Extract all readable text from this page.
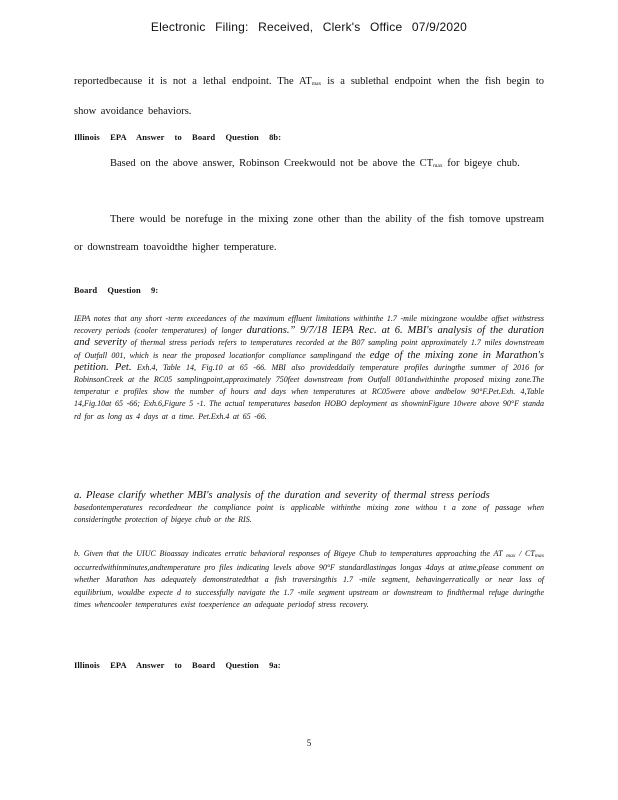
Electronic Filing: Received, Clerk's Office 07/9/2020

reportedbecause it is not a lethal endpoint. The ATmax is a sublethal endpoint when the fish begin to show avoidance behaviors.

Illinois EPA Answer to Board Question 8b:

Based on the above answer, Robinson Creekwould not be above the CTmax for bigeye chub.

There would be norefuge in the mixing zone other than the ability of the fish tomove upstream or downstream toavoidthe higher temperature.

Board Question 9:

IEPA notes that any short -term exceedances of the maximum effluent limitations withinthe 1.7 -mile mixingzone wouldbe offset withstress recovery periods (cooler temperatures) of longer durations.” 9/7/18 IEPA Rec. at 6. MBI's analysis of the duration and severity of thermal stress periods refers to temperatures recorded at the B07 sampling point approximately 1.7 miles downstream of Outfall 001, which is near the proposed locationfor compliance samplingand the edge of the mixing zone in Marathon's petition. Pet. Exh.4, Table 14, Fig.10 at 65 -66. MBI also provideddaily temperature profiles duringthe summer of 2016 for RobinsonCreek at the RC05 samplingpoint,approximately 750feet downstream from Outfall 001andwithinthe proposed mixing zone.The temperatur e profiles show the number of hours and days when temperatures at RC05were above andbelow 90°F.Pet.Exh. 4,Table 14,Fig.10at 65 -66; Exh.6,Figure 5 -1. The actual temperatures basedon HOBO deployment as showninFigure 10were above 90°F standa rd for as long as 4 days at a time. Pet.Exh.4 at 65 -66.
a. Please clarify whether MBI's analysis of the duration and severity of thermal stress periods
basedontemperatures recordednear the compliance point is applicable withinthe mixing zone withou t a zone of passage when consideringthe protection of bigeye chub or the RIS.
b. Given that the UIUC Bioassay indicates erratic behavioral responses of Bigeye Chub to temperatures approaching the AT max / CTmax occurredwithinminutes,andtemperature pro files indicating levels above 90°F standardlastingas longas 4days at atime,please comment on whether Marathon has adequately demonstratedthat a fish traversingthis 1.7 -mile segment, behavingerratically or near loss of equilibrium, wouldbe expecte d to successfully navigate the 1.7 -mile segment upstream or downstream to findthermal refuge duringthe times whencooler temperatures exist toexperience an adequate periodof stress recovery.

Illinois EPA Answer to Board Question 9a:

5
